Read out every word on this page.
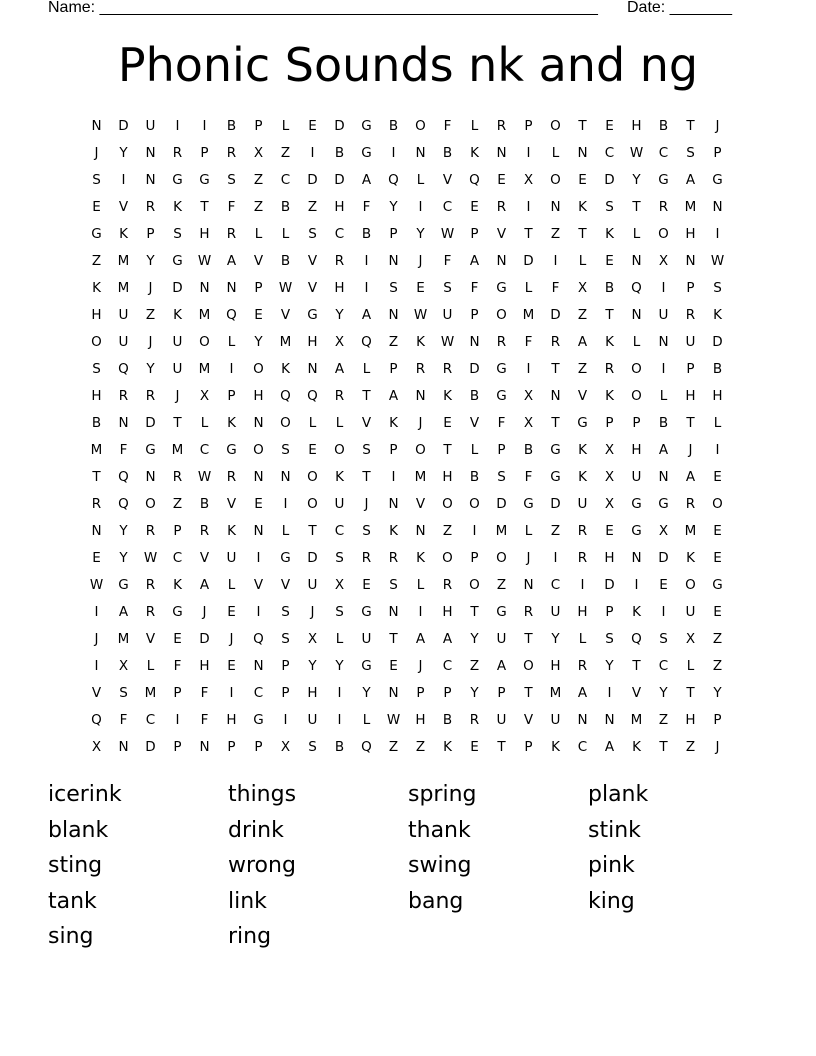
Name: ________________________________________________________ Date: _______
Phonic Sounds nk and ng
N	D	U	I	I	B	P	L	E	D	G	B	O	F	L	R	P	O	T	E	H	B	T	J
J	Y	N	R	P	R	X	Z	I	B	G	I	N	B	K	N	I	L	N	C	W	C	S	P
S	I	N	G	G	S	Z	C	D	D	A	Q	L	V	Q	E	X	O	E	D	Y	G	A	G
E	V	R	K	T	F	Z	B	Z	H	F	Y	I	C	E	R	I	N	K	S	T	R	M	N
G	K	P	S	H	R	L	L	S	C	B	P	Y	W	P	V	T	Z	T	K	L	O	H	I
Z	M	Y	G	W	A	V	B	V	R	I	N	J	F	A	N	D	I	L	E	N	X	N	W
K	M	J	D	N	N	P	W	V	H	I	S	E	S	F	G	L	F	X	B	Q	I	P	S
H	U	Z	K	M	Q	E	V	G	Y	A	N	W	U	P	O	M	D	Z	T	N	U	R	K
O	U	J	U	O	L	Y	M	H	X	Q	Z	K	W	N	R	F	R	A	K	L	N	U	D
S	Q	Y	U	M	I	O	K	N	A	L	P	R	R	D	G	I	T	Z	R	O	I	P	B
H	R	R	J	X	P	H	Q	Q	R	T	A	N	K	B	G	X	N	V	K	O	L	H	H
B	N	D	T	L	K	N	O	L	L	V	K	J	E	V	F	X	T	G	P	P	B	T	L
M	F	G	M	C	G	O	S	E	O	S	P	O	T	L	P	B	G	K	X	H	A	J	I
T	Q	N	R	W	R	N	N	O	K	T	I	M	H	B	S	F	G	K	X	U	N	A	E
R	Q	O	Z	B	V	E	I	O	U	J	N	V	O	O	D	G	D	U	X	G	G	R	O
N	Y	R	P	R	K	N	L	T	C	S	K	N	Z	I	M	L	Z	R	E	G	X	M	E
E	Y	W	C	V	U	I	G	D	S	R	R	K	O	P	O	J	I	R	H	N	D	K	E
W	G	R	K	A	L	V	V	U	X	E	S	L	R	O	Z	N	C	I	D	I	E	O	G
I	A	R	G	J	E	I	S	J	S	G	N	I	H	T	G	R	U	H	P	K	I	U	E
J	M	V	E	D	J	Q	S	X	L	U	T	A	A	Y	U	T	Y	L	S	Q	S	X	Z
I	X	L	F	H	E	N	P	Y	Y	G	E	J	C	Z	A	O	H	R	Y	T	C	L	Z
V	S	M	P	F	I	C	P	H	I	Y	N	P	P	Y	P	T	M	A	I	V	Y	T	Y
Q	F	C	I	F	H	G	I	U	I	L	W	H	B	R	U	V	U	N	N	M	Z	H	P
X	N	D	P	N	P	P	X	S	B	Q	Z	Z	K	E	T	P	K	C	A	K	T	Z	J
icerink	things	spring	plank
blank	drink	thank	stink
sting	wrong	swing	pink
tank	link	bang	king
sing	ring
